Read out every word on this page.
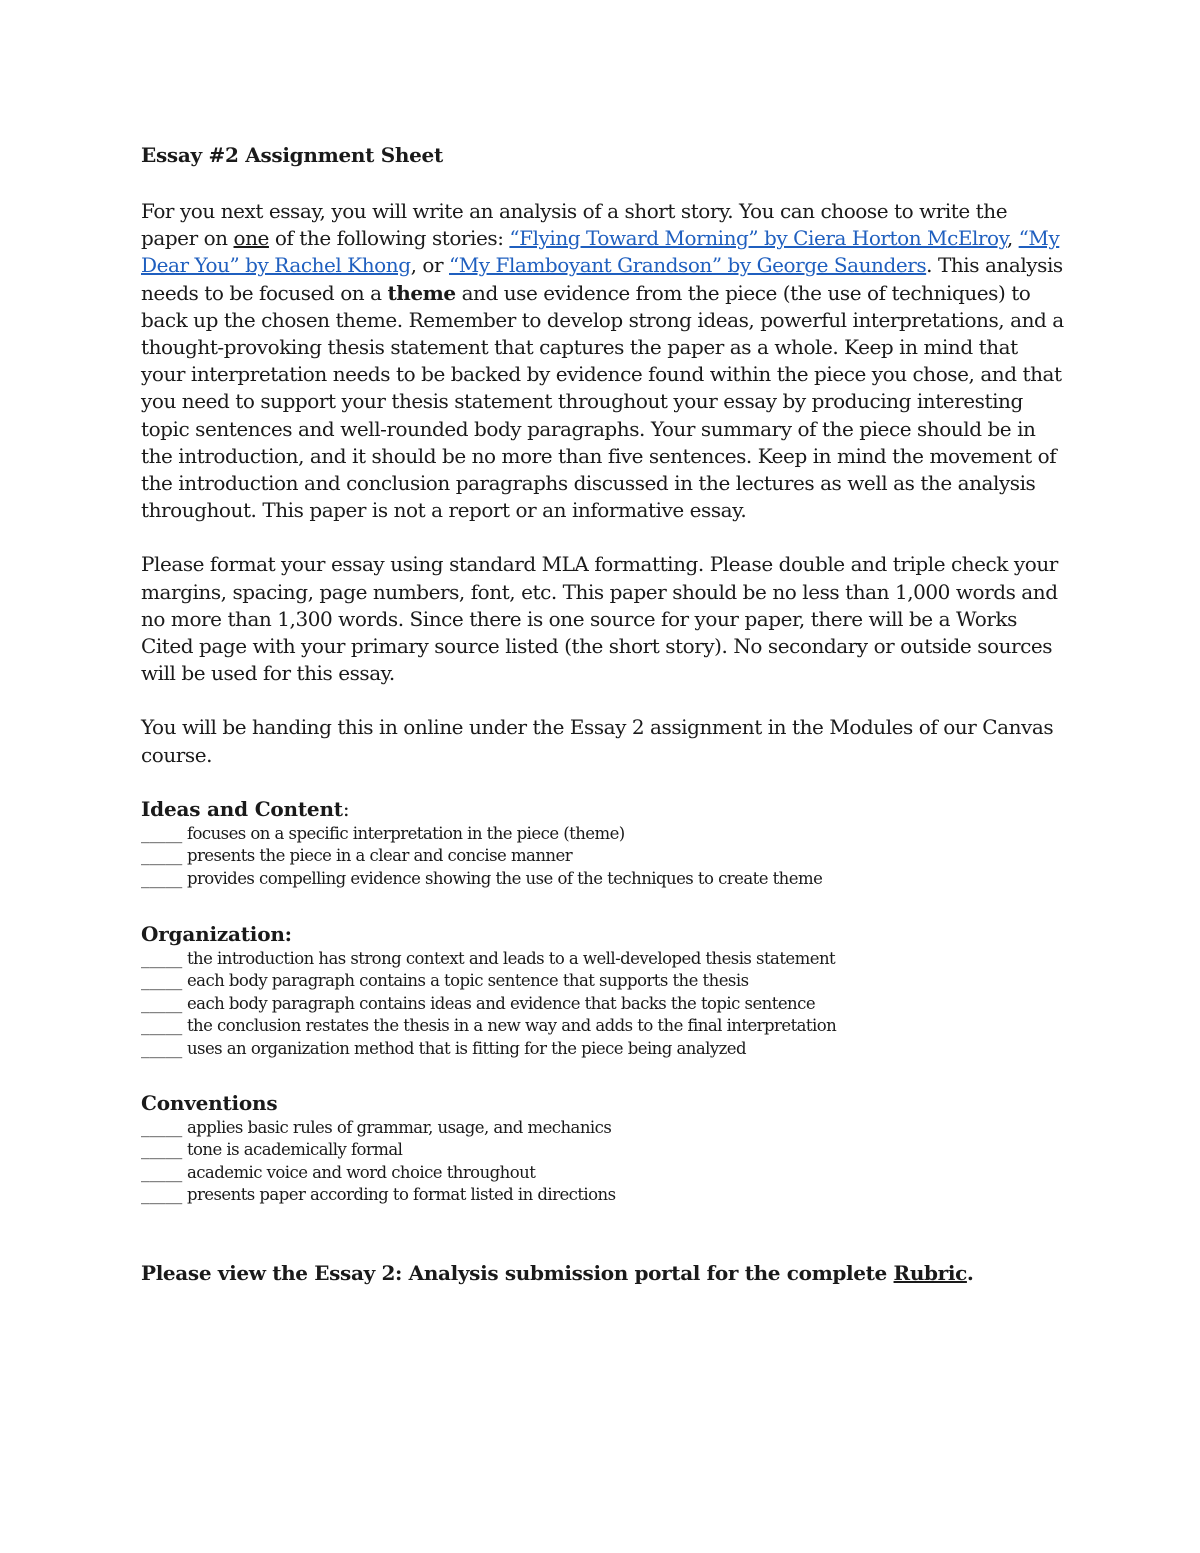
Essay #2 Assignment Sheet

For you next essay, you will write an analysis of a short story. You can choose to write the paper on one of the following stories: “Flying Toward Morning” by Ciera Horton McElroy, “My Dear You” by Rachel Khong, or “My Flamboyant Grandson” by George Saunders. This analysis needs to be focused on a theme and use evidence from the piece (the use of techniques) to back up the chosen theme. Remember to develop strong ideas, powerful interpretations, and a thought-provoking thesis statement that captures the paper as a whole. Keep in mind that your interpretation needs to be backed by evidence found within the piece you chose, and that you need to support your thesis statement throughout your essay by producing interesting topic sentences and well-rounded body paragraphs. Your summary of the piece should be in the introduction, and it should be no more than five sentences. Keep in mind the movement of the introduction and conclusion paragraphs discussed in the lectures as well as the analysis throughout. This paper is not a report or an informative essay.

Please format your essay using standard MLA formatting. Please double and triple check your margins, spacing, page numbers, font, etc. This paper should be no less than 1,000 words and no more than 1,300 words. Since there is one source for your paper, there will be a Works Cited page with your primary source listed (the short story). No secondary or outside sources will be used for this essay.

You will be handing this in online under the Essay 2 assignment in the Modules of our Canvas course.

Ideas and Content:
_____ focuses on a specific interpretation in the piece (theme)
_____ presents the piece in a clear and concise manner
_____ provides compelling evidence showing the use of the techniques to create theme
Organization:
_____ the introduction has strong context and leads to a well-developed thesis statement
_____ each body paragraph contains a topic sentence that supports the thesis
_____ each body paragraph contains ideas and evidence that backs the topic sentence
_____ the conclusion restates the thesis in a new way and adds to the final interpretation
_____ uses an organization method that is fitting for the piece being analyzed
Conventions
_____ applies basic rules of grammar, usage, and mechanics
_____ tone is academically formal
_____ academic voice and word choice throughout
_____ presents paper according to format listed in directions

Please view the Essay 2: Analysis submission portal for the complete Rubric.
